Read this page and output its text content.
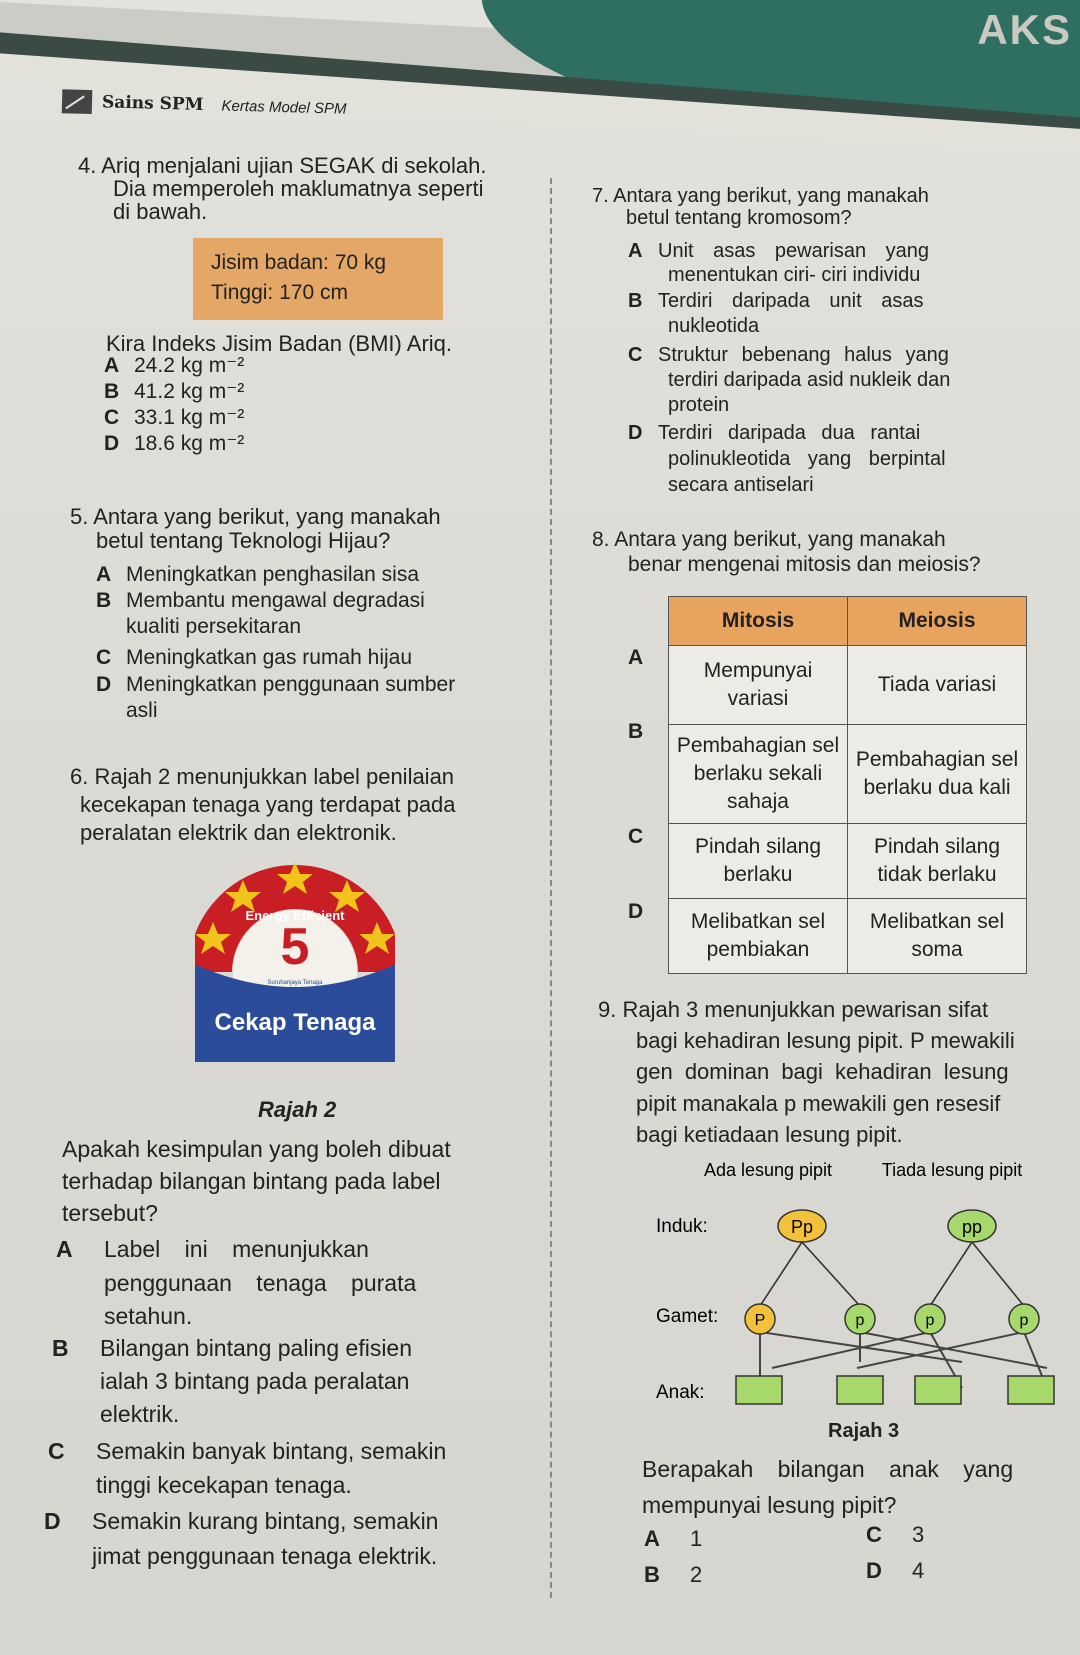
AKS
Sains SPM Kertas Model SPM
4. Ariq menjalani ujian SEGAK di sekolah.
Dia memperoleh maklumatnya seperti
di bawah.
Jisim badan: 70 kg
Tinggi: 170 cm
Kira Indeks Jisim Badan (BMI) Ariq.
A 24.2 kg m⁻²
B 41.2 kg m⁻²
C 33.1 kg m⁻²
D 18.6 kg m⁻²
5. Antara yang berikut, yang manakah
betul tentang Teknologi Hijau?
A Meningkatkan penghasilan sisa
B Membantu mengawal degradasi
kualiti persekitaran
C Meningkatkan gas rumah hijau
D Meningkatkan penggunaan sumber
asli
6. Rajah 2 menunjukkan label penilaian
kecekapan tenaga yang terdapat pada
peralatan elektrik dan elektronik.
5
Energy Efficient
Suruhanjaya Tenaga
Cekap Tenaga
Rajah 2
Apakah kesimpulan yang boleh dibuat
terhadap bilangan bintang pada label
tersebut?
A Label ini menunjukkan
penggunaan tenaga purata
setahun.
B Bilangan bintang paling efisien
ialah 3 bintang pada peralatan
elektrik.
C Semakin banyak bintang, semakin
tinggi kecekapan tenaga.
D Semakin kurang bintang, semakin
jimat penggunaan tenaga elektrik.
7. Antara yang berikut, yang manakah
betul tentang kromosom?
A Unit asas pewarisan yang
menentukan ciri- ciri individu
B Terdiri daripada unit asas
nukleotida
C Struktur bebenang halus yang
terdiri daripada asid nukleik dan
protein
D Terdiri daripada dua rantai
polinukleotida yang berpintal
secara antiselari
8. Antara yang berikut, yang manakah
benar mengenai mitosis dan meiosis?
A
B
C
D
Mitosis	Meiosis
Mempunyai variasi	Tiada variasi
Pembahagian sel berlaku sekali sahaja	Pembahagian sel berlaku dua kali
Pindah silang berlaku	Pindah silang tidak berlaku
Melibatkan sel pembiakan	Melibatkan sel soma
9. Rajah 3 menunjukkan pewarisan sifat
bagi kehadiran lesung pipit. P mewakili
gen dominan bagi kehadiran lesung
pipit manakala p mewakili gen resesif
bagi ketiadaan lesung pipit.
Ada lesung pipit	Tiada lesung pipit
Induk:
Gamet:
Anak:
Pp	pp
P	p	p	p
Rajah 3
Berapakah bilangan anak yang
mempunyai lesung pipit?
A 1
B 2
C 3
D 4
